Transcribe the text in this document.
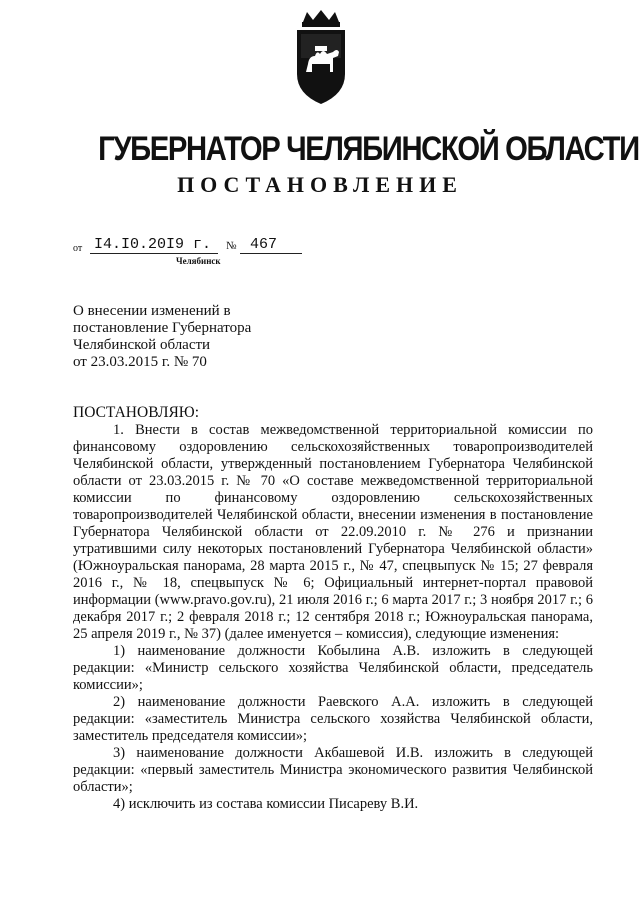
ГУБЕРНАТОР ЧЕЛЯБИНСКОЙ ОБЛАСТИ
ПОСТАНОВЛЕНИЕ
от I4.I0.20I9 г. № 467
Челябинск
О внесении изменений в
постановление Губернатора
Челябинской области
от 23.03.2015 г. № 70
ПОСТАНОВЛЯЮ:

1. Внести в состав межведомственной территориальной комиссии по финансовому оздоровлению сельскохозяйственных товаропроизводителей Челябинской области, утвержденный постановлением Губернатора Челябинской области от 23.03.2015 г. № 70 «О составе межведомственной территориальной комиссии по финансовому оздоровлению сельскохозяйственных товаропроизводителей Челябинской области, внесении изменения в постановление Губернатора Челябинской области от 22.09.2010 г. № 276 и признании утратившими силу некоторых постановлений Губернатора Челябинской области» (Южноуральская панорама, 28 марта 2015 г., № 47, спецвыпуск № 15; 27 февраля 2016 г., № 18, спецвыпуск № 6; Официальный интернет-портал правовой информации (www.pravo.gov.ru), 21 июля 2016 г.; 6 марта 2017 г.; 3 ноября 2017 г.; 6 декабря 2017 г.; 2 февраля 2018 г.; 12 сентября 2018 г.; Южноуральская панорама, 25 апреля 2019 г., № 37) (далее именуется – комиссия), следующие изменения:

1) наименование должности Кобылина А.В. изложить в следующей редакции: «Министр сельского хозяйства Челябинской области, председатель комиссии»;

2) наименование должности Раевского А.А. изложить в следующей редакции: «заместитель Министра сельского хозяйства Челябинской области, заместитель председателя комиссии»;

3) наименование должности Акбашевой И.В. изложить в следующей редакции: «первый заместитель Министра экономического развития Челябинской области»;

4) исключить из состава комиссии Писареву В.И.
